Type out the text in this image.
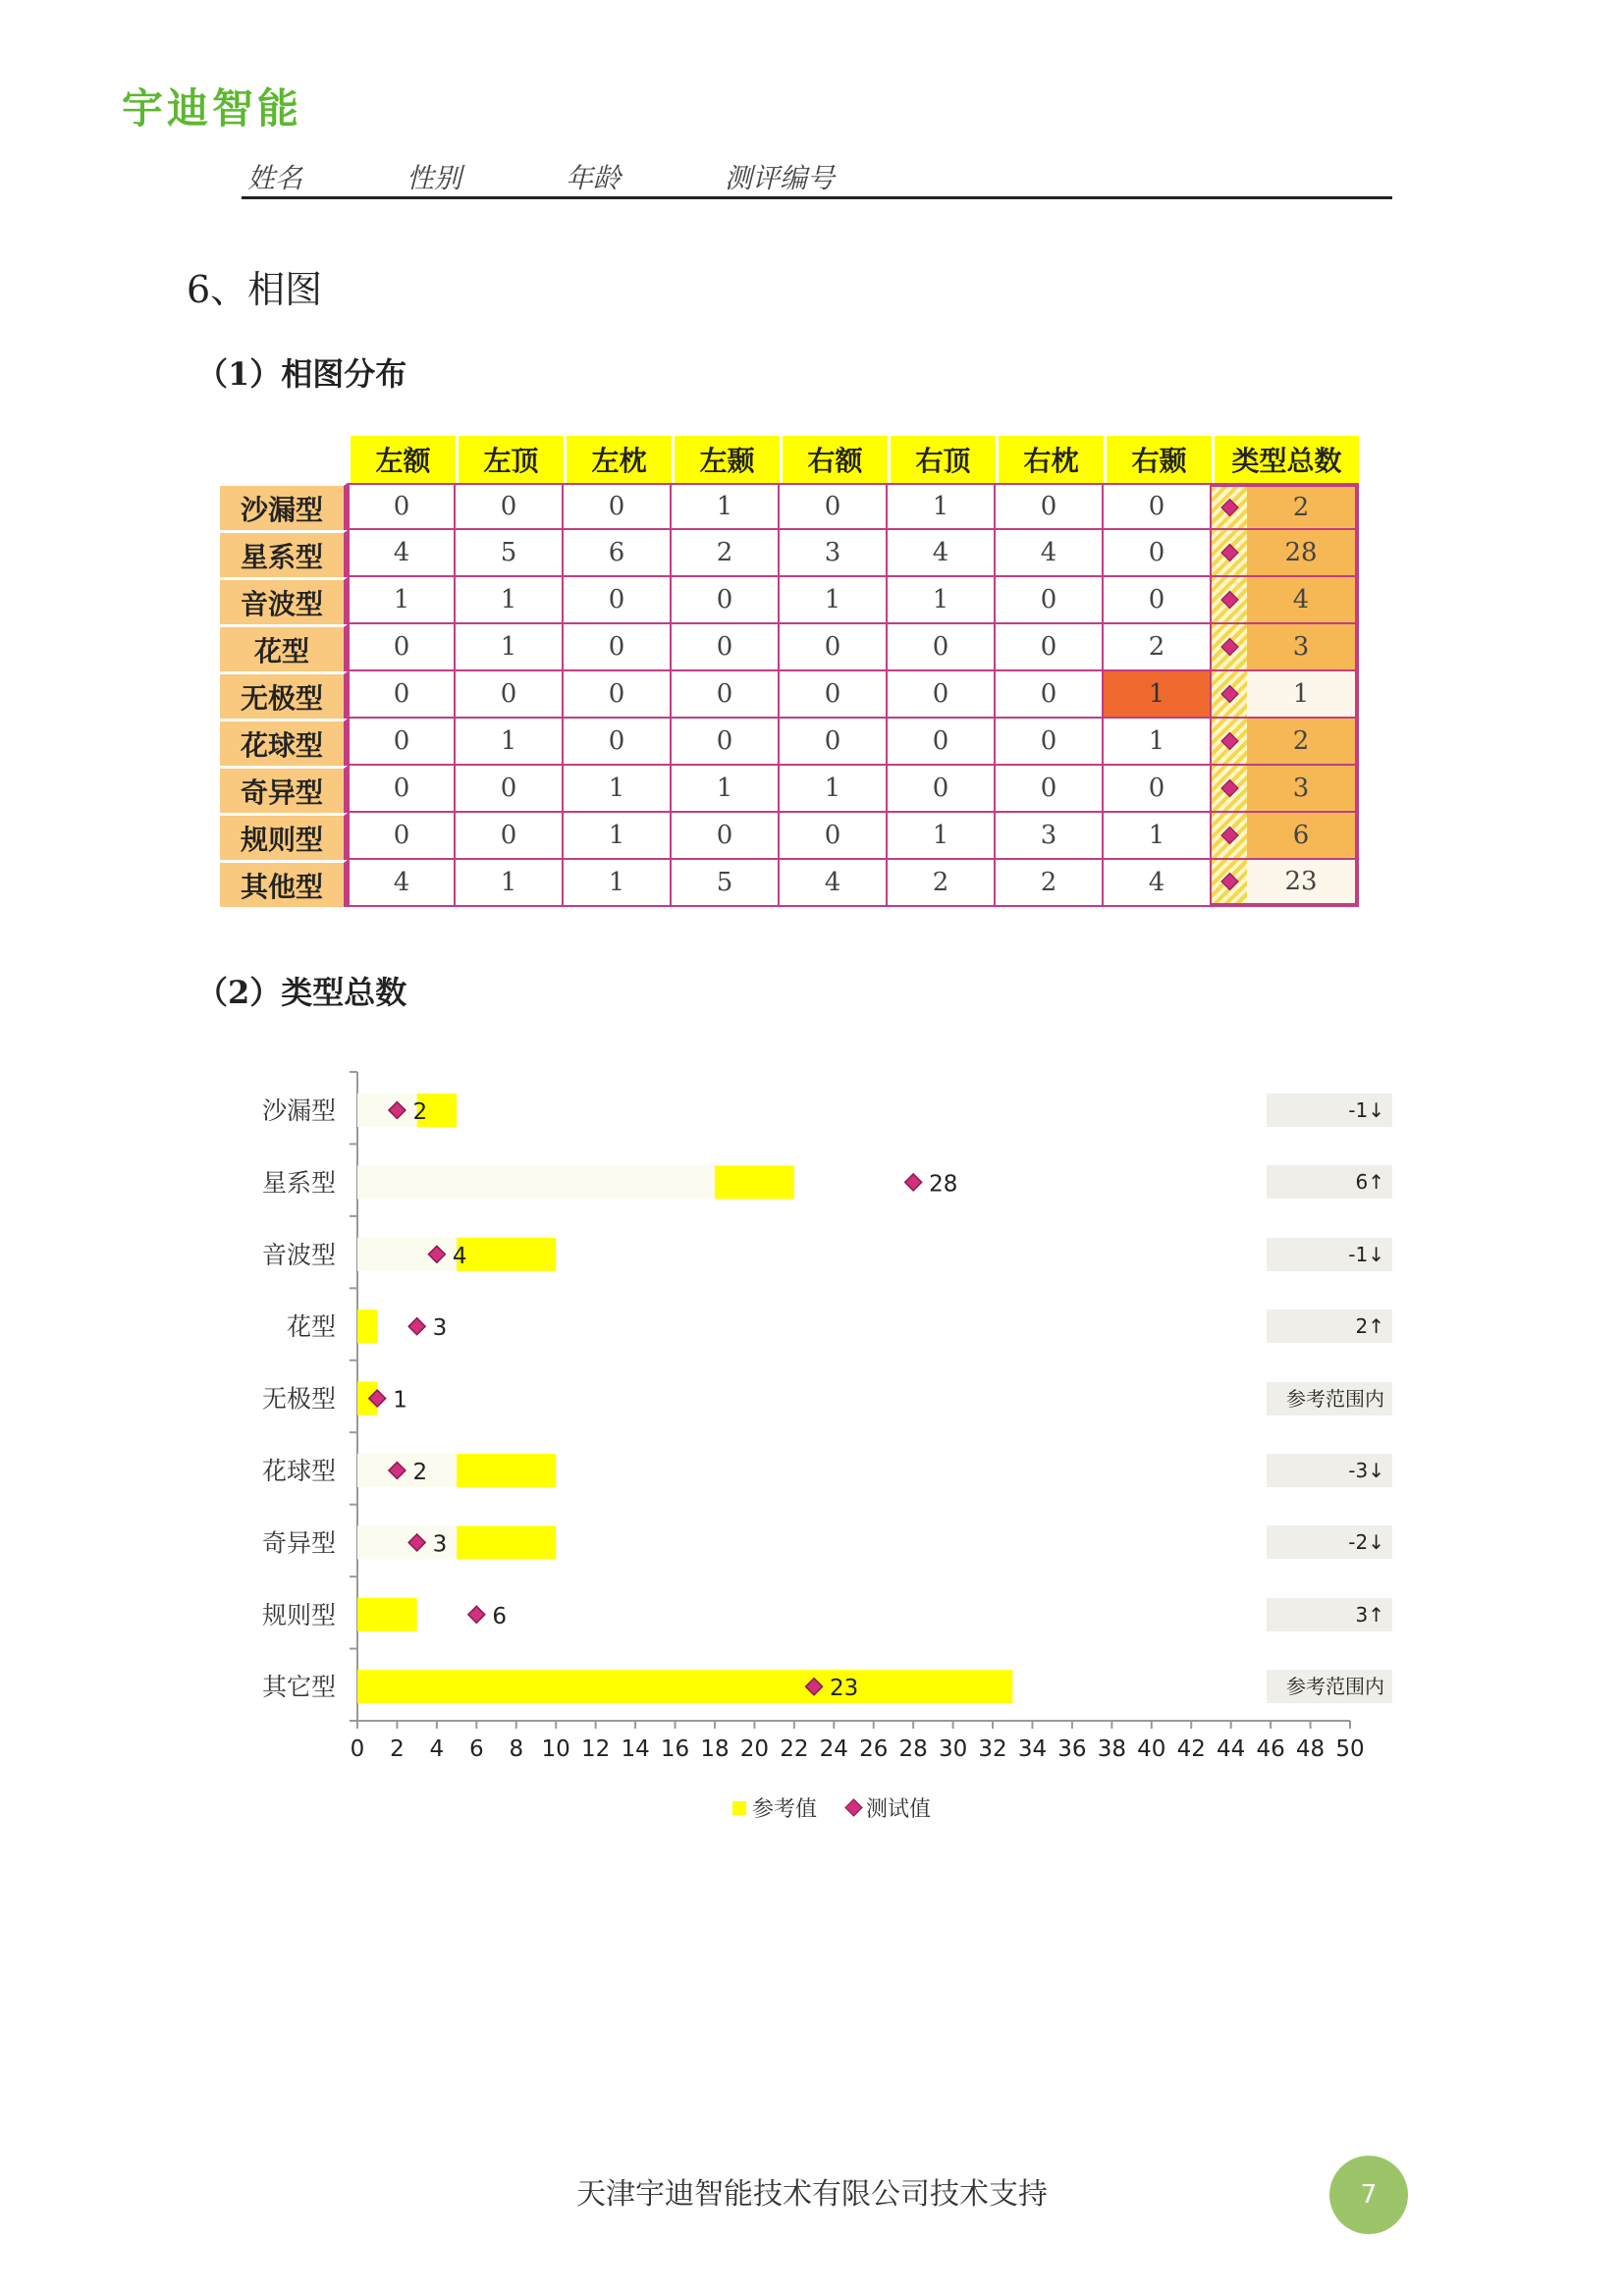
宇迪智能
姓名	性别	年龄	测评编号
6、相图
（1）相图分布
	左额	左顶	左枕	左颞	右额	右顶	右枕	右颞	类型总数
沙漏型	0	0	0	1	0	1	0	0	2
星系型	4	5	6	2	3	4	4	0	28
音波型	1	1	0	0	1	1	0	0	4
花型	0	1	0	0	0	0	0	2	3
无极型	0	0	0	0	0	0	0	1	1
花球型	0	1	0	0	0	0	0	1	2
奇异型	0	0	1	1	1	0	0	0	3
规则型	0	0	1	0	0	1	3	1	6
其他型	4	1	1	5	4	2	2	4	23
（2）类型总数
0 2 4 6 8 10 12 14 16 18 20 22 24 26 28 30 32 34 36 38 40 42 44 46 48 50
沙漏型	2
星系型	28
音波型	4
花型	3
无极型	1
花球型	2
奇异型	3
规则型	6
其它型	23
-1↓
6↑
-1↓
2↑
参考范围内
-3↓
-2↓
3↑
参考范围内
参考值 测试值
天津宇迪智能技术有限公司技术支持	7
